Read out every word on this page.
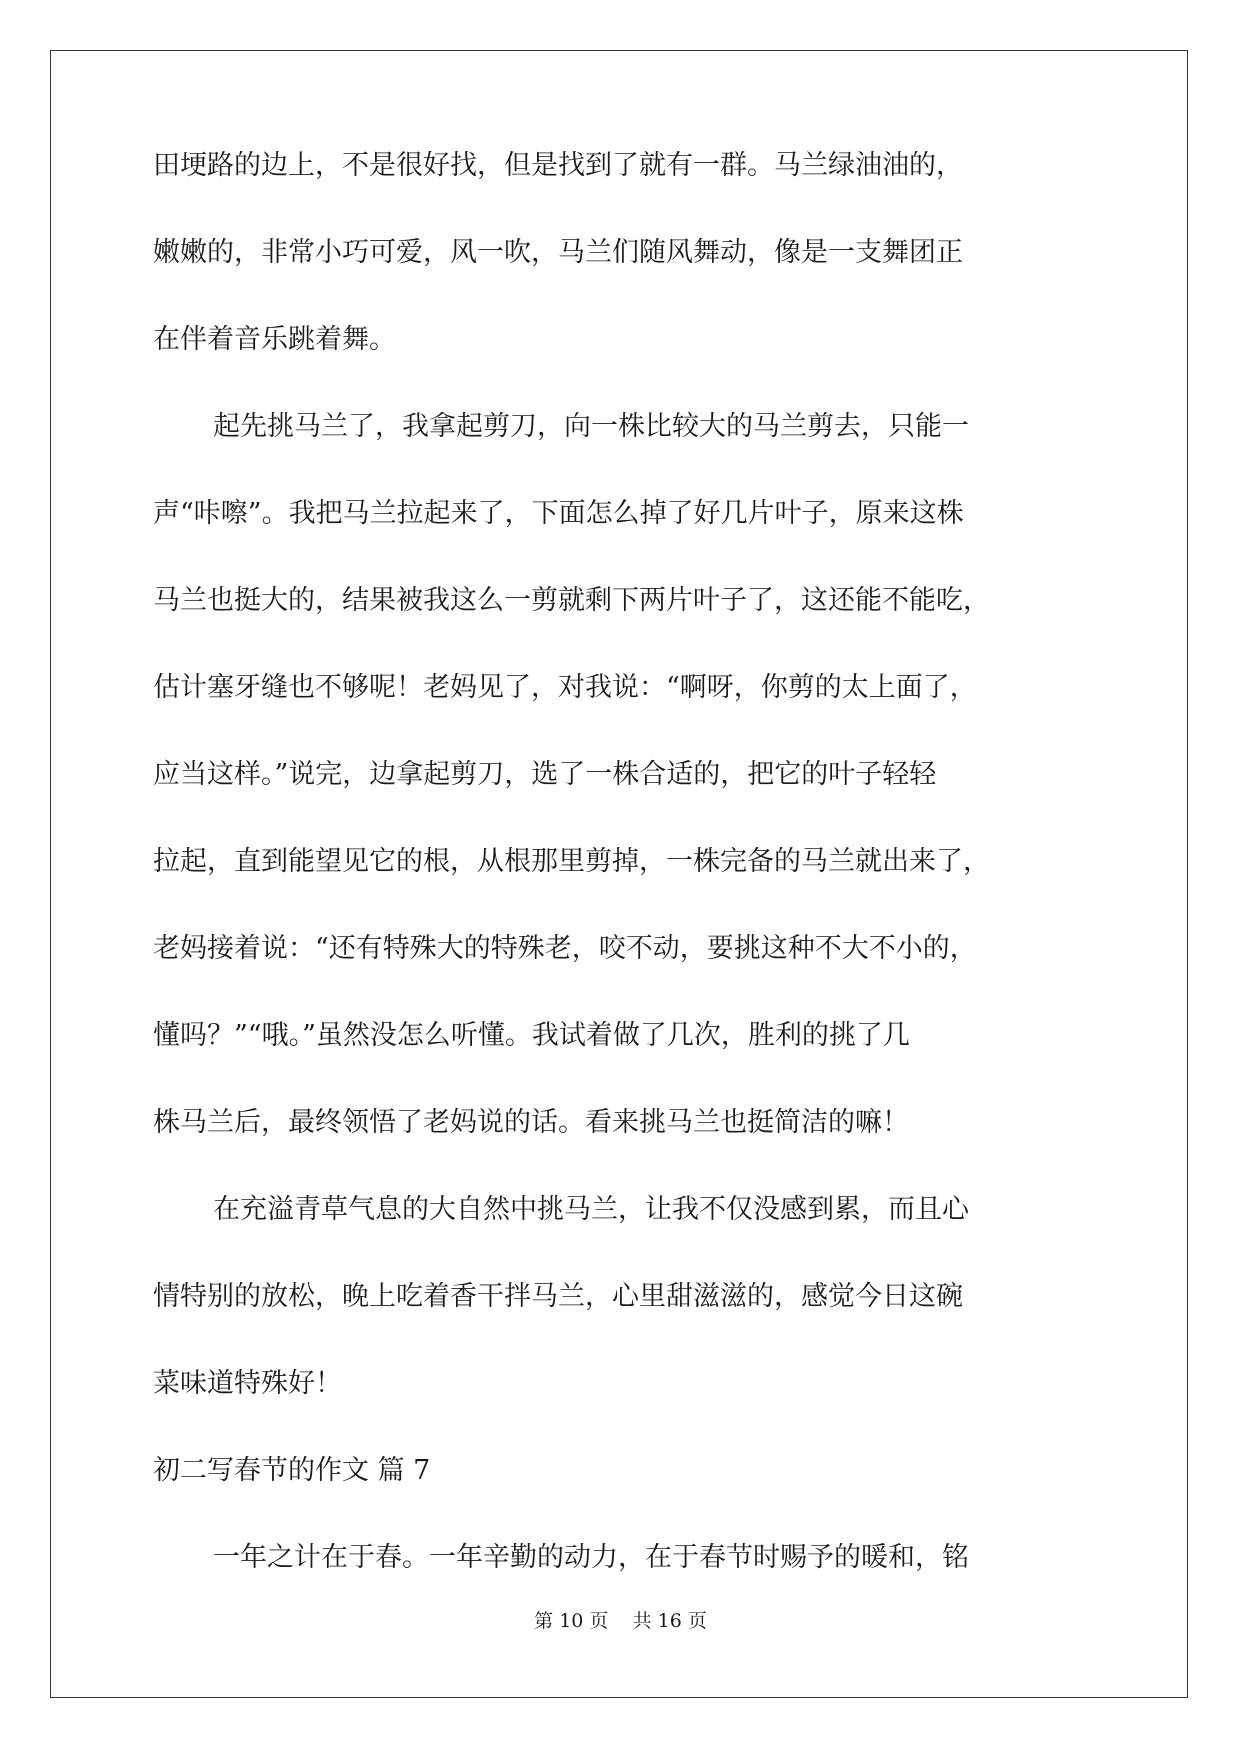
田埂路的边上，不是很好找，但是找到了就有一群。马兰绿油油的，
嫩嫩的，非常小巧可爱，风一吹，马兰们随风舞动，像是一支舞团正
在伴着音乐跳着舞。
起先挑马兰了，我拿起剪刀，向一株比较大的马兰剪去，只能一
声“咔嚓”。我把马兰拉起来了，下面怎么掉了好几片叶子，原来这株
马兰也挺大的，结果被我这么一剪就剩下两片叶子了，这还能不能吃，
估计塞牙缝也不够呢！老妈见了，对我说：“啊呀，你剪的太上面了，
应当这样。”说完，边拿起剪刀，选了一株合适的，把它的叶子轻轻
拉起，直到能望见它的根，从根那里剪掉，一株完备的马兰就出来了，
老妈接着说：“还有特殊大的特殊老，咬不动，要挑这种不大不小的，
懂吗？”“哦。”虽然没怎么听懂。我试着做了几次，胜利的挑了几
株马兰后，最终领悟了老妈说的话。看来挑马兰也挺简洁的嘛！
在充溢青草气息的大自然中挑马兰，让我不仅没感到累，而且心
情特别的放松，晚上吃着香干拌马兰，心里甜滋滋的，感觉今日这碗
菜味道特殊好！
初二写春节的作文 篇 7
一年之计在于春。一年辛勤的动力，在于春节时赐予的暖和，铭
第 10 页    共 16 页
